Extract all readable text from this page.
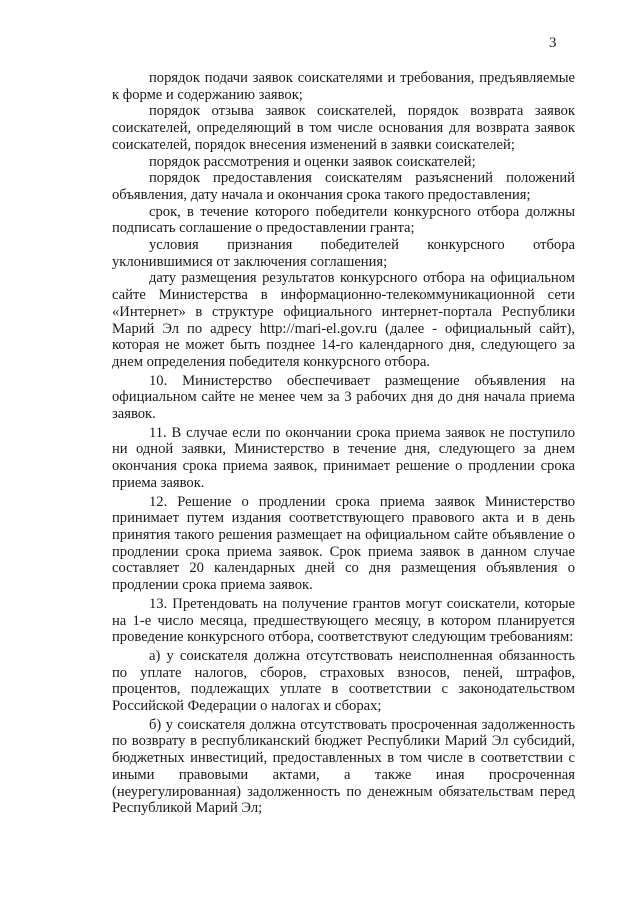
3

порядок подачи заявок соискателями и требования, предъявляемые к форме и содержанию заявок;

порядок отзыва заявок соискателей, порядок возврата заявок соискателей, определяющий в том числе основания для возврата заявок соискателей, порядок внесения изменений в заявки соискателей;

порядок рассмотрения и оценки заявок соискателей;

порядок предоставления соискателям разъяснений положений объявления, дату начала и окончания срока такого предоставления;

срок, в течение которого победители конкурсного отбора должны подписать соглашение о предоставлении гранта;

условия признания победителей конкурсного отбора уклонившимися от заключения соглашения;

дату размещения результатов конкурсного отбора на официальном сайте Министерства в информационно-телекоммуникационной сети «Интернет» в структуре официального интернет-портала Республики Марий Эл по адресу http://mari-el.gov.ru (далее - официальный сайт), которая не может быть позднее 14-го календарного дня, следующего за днем определения победителя конкурсного отбора.

10. Министерство обеспечивает размещение объявления на официальном сайте не менее чем за 3 рабочих дня до дня начала приема заявок.

11. В случае если по окончании срока приема заявок не поступило ни одной заявки, Министерство в течение дня, следующего за днем окончания срока приема заявок, принимает решение о продлении срока приема заявок.

12. Решение о продлении срока приема заявок Министерство принимает путем издания соответствующего правового акта и в день принятия такого решения размещает на официальном сайте объявление о продлении срока приема заявок. Срок приема заявок в данном случае составляет 20 календарных дней со дня размещения объявления о продлении срока приема заявок.

13. Претендовать на получение грантов могут соискатели, которые на 1-е число месяца, предшествующего месяцу, в котором планируется проведение конкурсного отбора, соответствуют следующим требованиям:

а) у соискателя должна отсутствовать неисполненная обязанность по уплате налогов, сборов, страховых взносов, пеней, штрафов, процентов, подлежащих уплате в соответствии с законодательством Российской Федерации о налогах и сборах;

б) у соискателя должна отсутствовать просроченная задолженность по возврату в республиканский бюджет Республики Марий Эл субсидий, бюджетных инвестиций, предоставленных в том числе в соответствии с иными правовыми актами, а также иная просроченная (неурегулированная) задолженность по денежным обязательствам перед Республикой Марий Эл;
